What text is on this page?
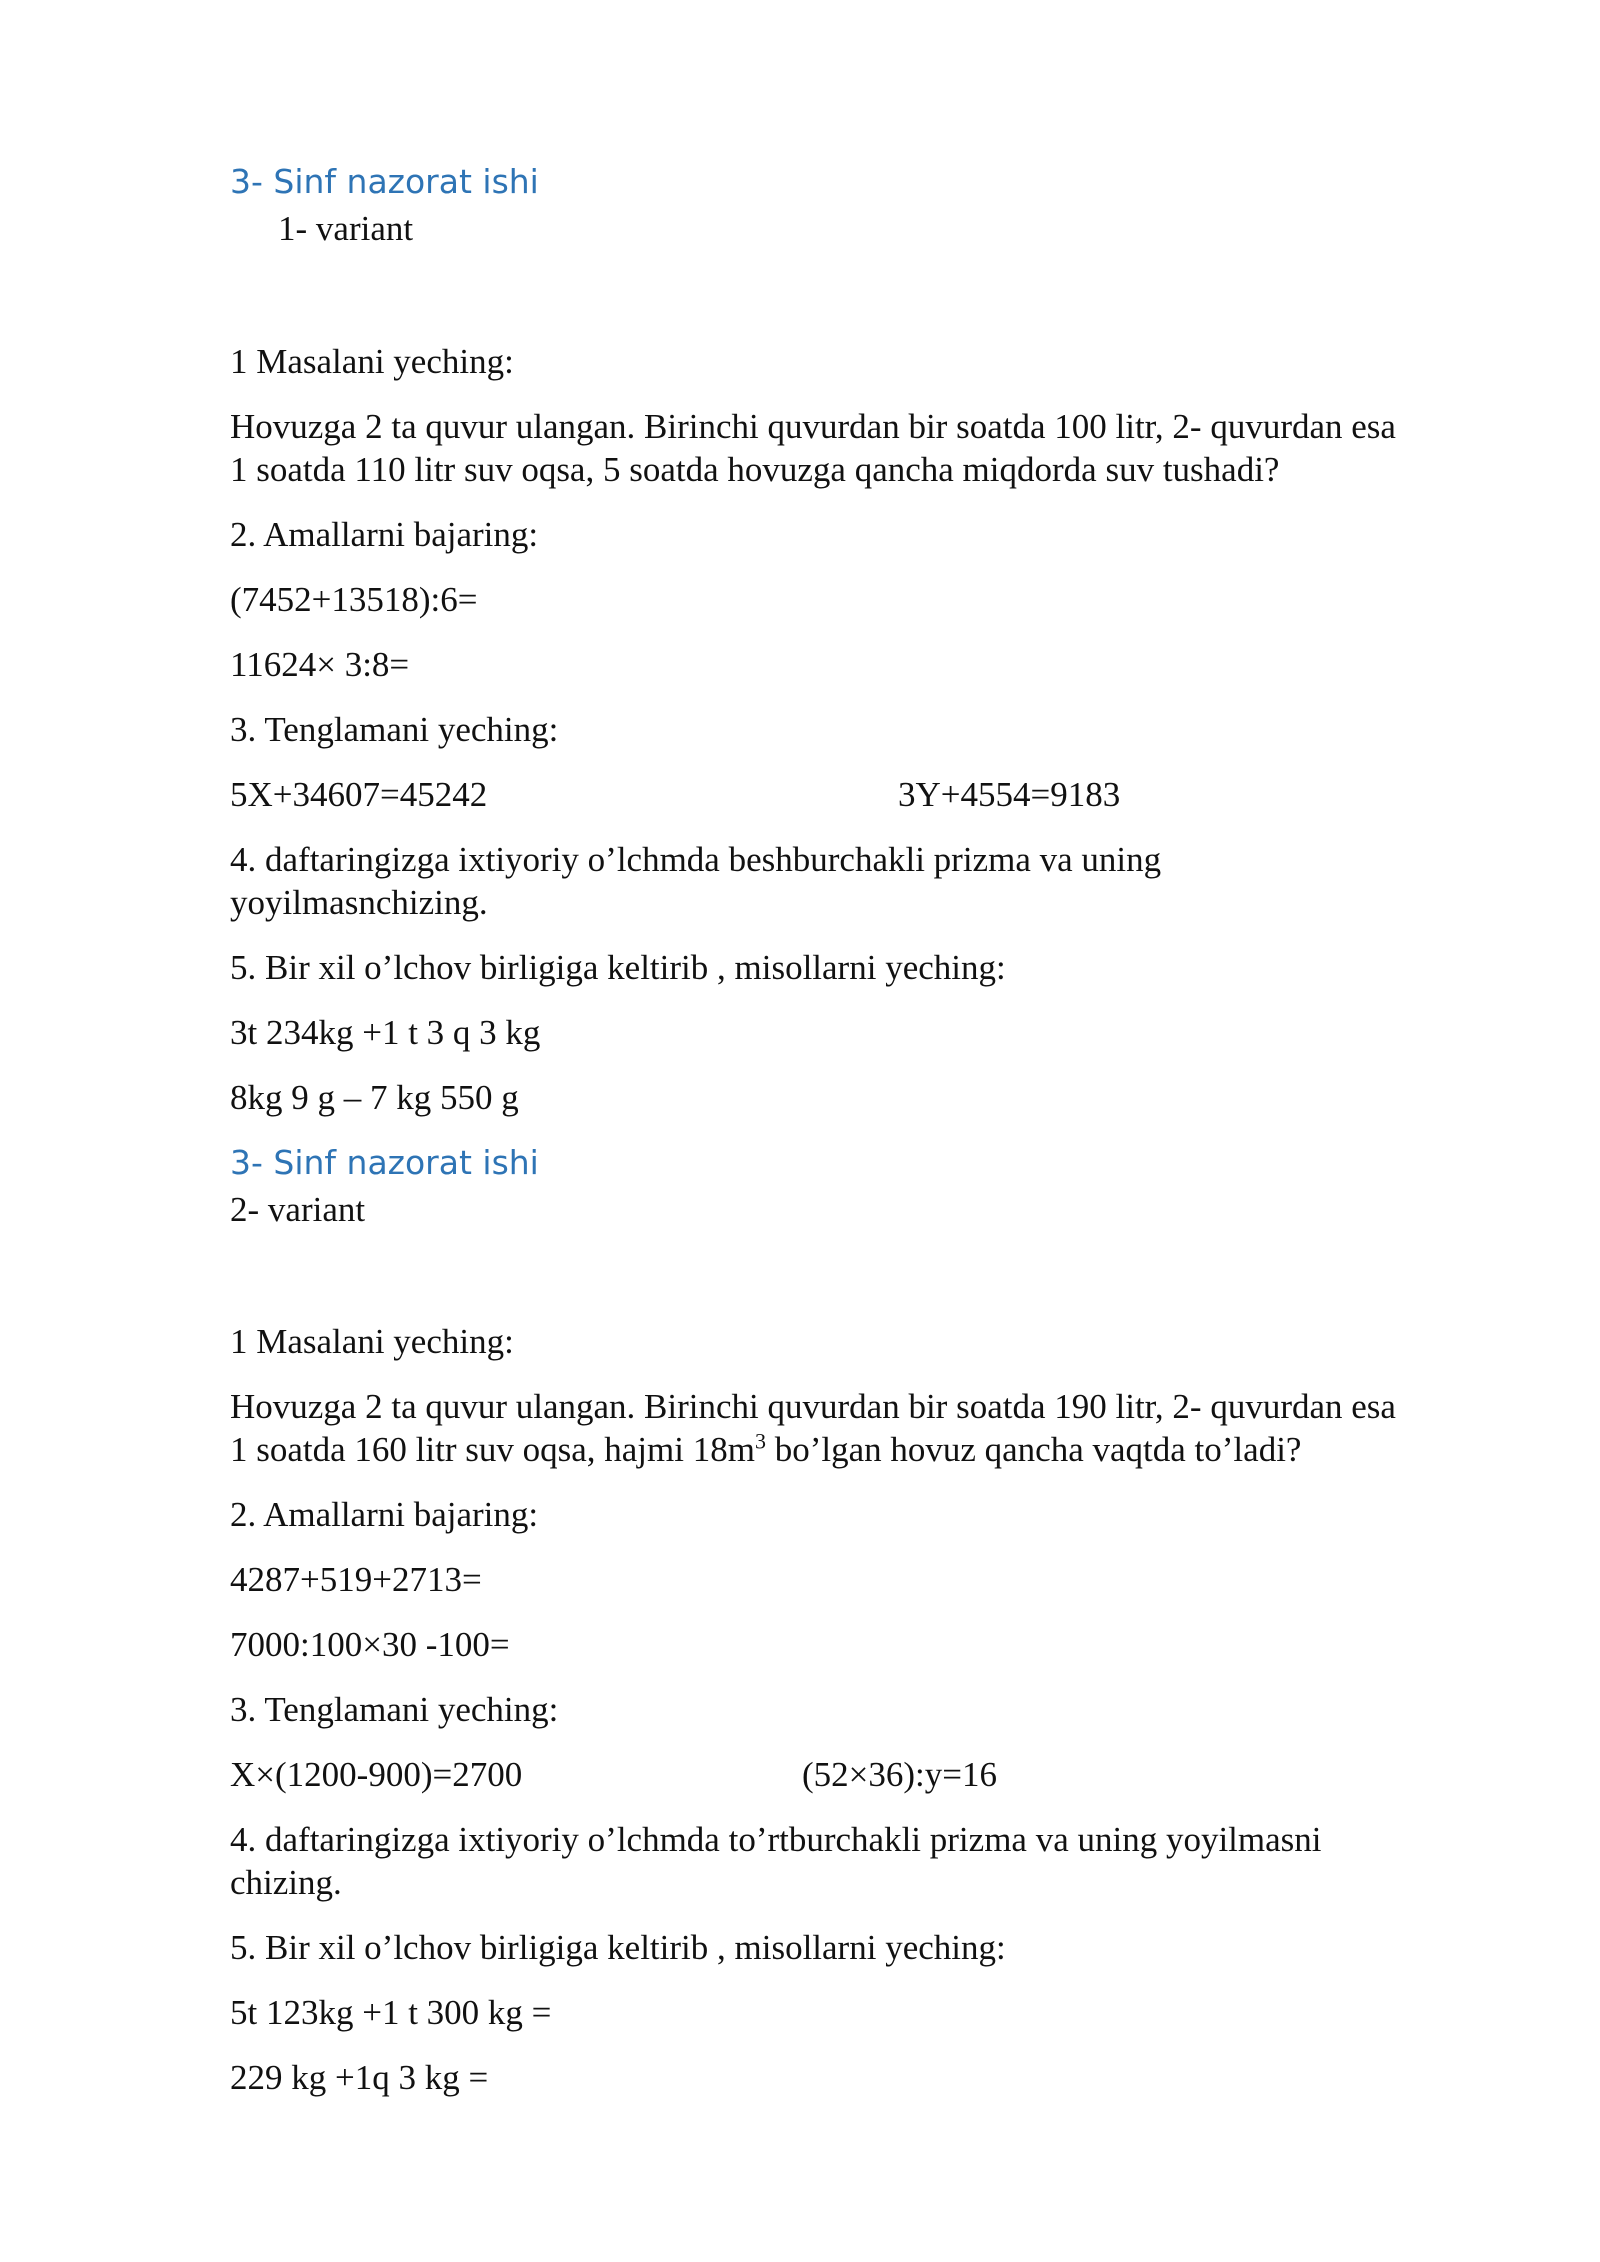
3- Sinf nazorat ishi
1- variant
1 Masalani yeching:
Hovuzga 2 ta quvur ulangan. Birinchi quvurdan bir soatda 100 litr, 2- quvurdan esa
1 soatda 110 litr suv oqsa, 5 soatda hovuzga qancha miqdorda suv tushadi?
2. Amallarni bajaring:
(7452+13518):6=
11624× 3:8=
3. Tenglamani yeching:
5X+34607=45242	3Y+4554=9183
4. daftaringizga ixtiyoriy o’lchmda beshburchakli prizma va uning
yoyilmasnchizing.
5. Bir xil o’lchov birligiga keltirib , misollarni yeching:
3t 234kg +1 t 3 q 3 kg
8kg 9 g – 7 kg 550 g
3- Sinf nazorat ishi
2- variant
1 Masalani yeching:
Hovuzga 2 ta quvur ulangan. Birinchi quvurdan bir soatda 190 litr, 2- quvurdan esa
1 soatda 160 litr suv oqsa, hajmi $18m^3$ bo’lgan hovuz qancha vaqtda to’ladi?
2. Amallarni bajaring:
4287+519+2713=
7000:100×30 -100=
3. Tenglamani yeching:
X×(1200-900)=2700	(52×36):y=16
4. daftaringizga ixtiyoriy o’lchmda to’rtburchakli prizma va uning yoyilmasni
chizing.
5. Bir xil o’lchov birligiga keltirib , misollarni yeching:
5t 123kg +1 t 300 kg =
229 kg +1q 3 kg =
